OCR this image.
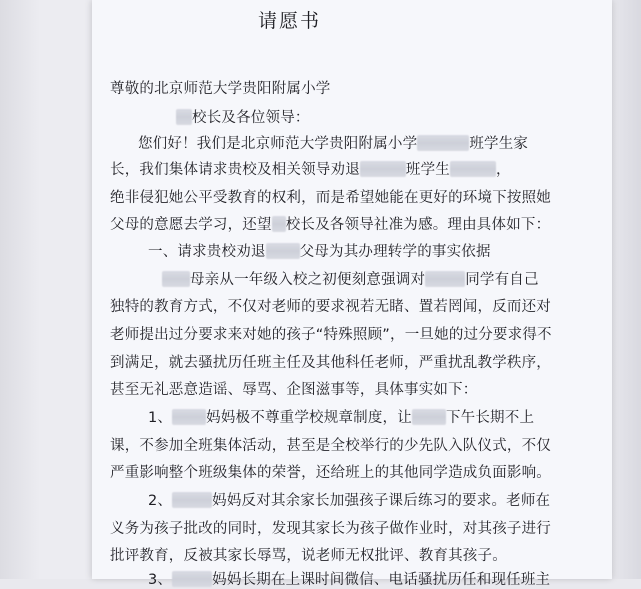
请愿书
尊敬的北京师范大学贵阳附属小学
校长及各位领导：
您们好！我们是北京师范大学贵阳附属小学	班学生家
长，我们集体请求贵校及相关领导劝退	班学生	，
绝非侵犯她公平受教育的权利，而是希望她能在更好的环境下按照她
父母的意愿去学习，还望 校长及各领导社准为感。理由具体如下：
一、请求贵校劝退 父母为其办理转学的事实依据
母亲从一年级入校之初便刻意强调对	同学有自己
独特的教育方式，不仅对老师的要求视若无睹、置若罔闻，反而还对
老师提出过分要求来对她的孩子“特殊照顾”，一旦她的过分要求得不
到满足，就去骚扰历任班主任及其他科任老师，严重扰乱教学秩序，
甚至无礼恶意造谣、辱骂、企图滋事等，具体事实如下：
1、 妈妈极不尊重学校规章制度，让 下午长期不上
课，不参加全班集体活动，甚至是全校举行的少先队入队仪式，不仅
严重影响整个班级集体的荣誉，还给班上的其他同学造成负面影响。
2、	妈妈反对其余家长加强孩子课后练习的要求。老师在
义务为孩子批改的同时，发现其家长为孩子做作业时，对其孩子进行
批评教育，反被其家长辱骂，说老师无权批评、教育其孩子。
3、	妈妈长期在上课时间微信、电话骚扰历任和现任班主
